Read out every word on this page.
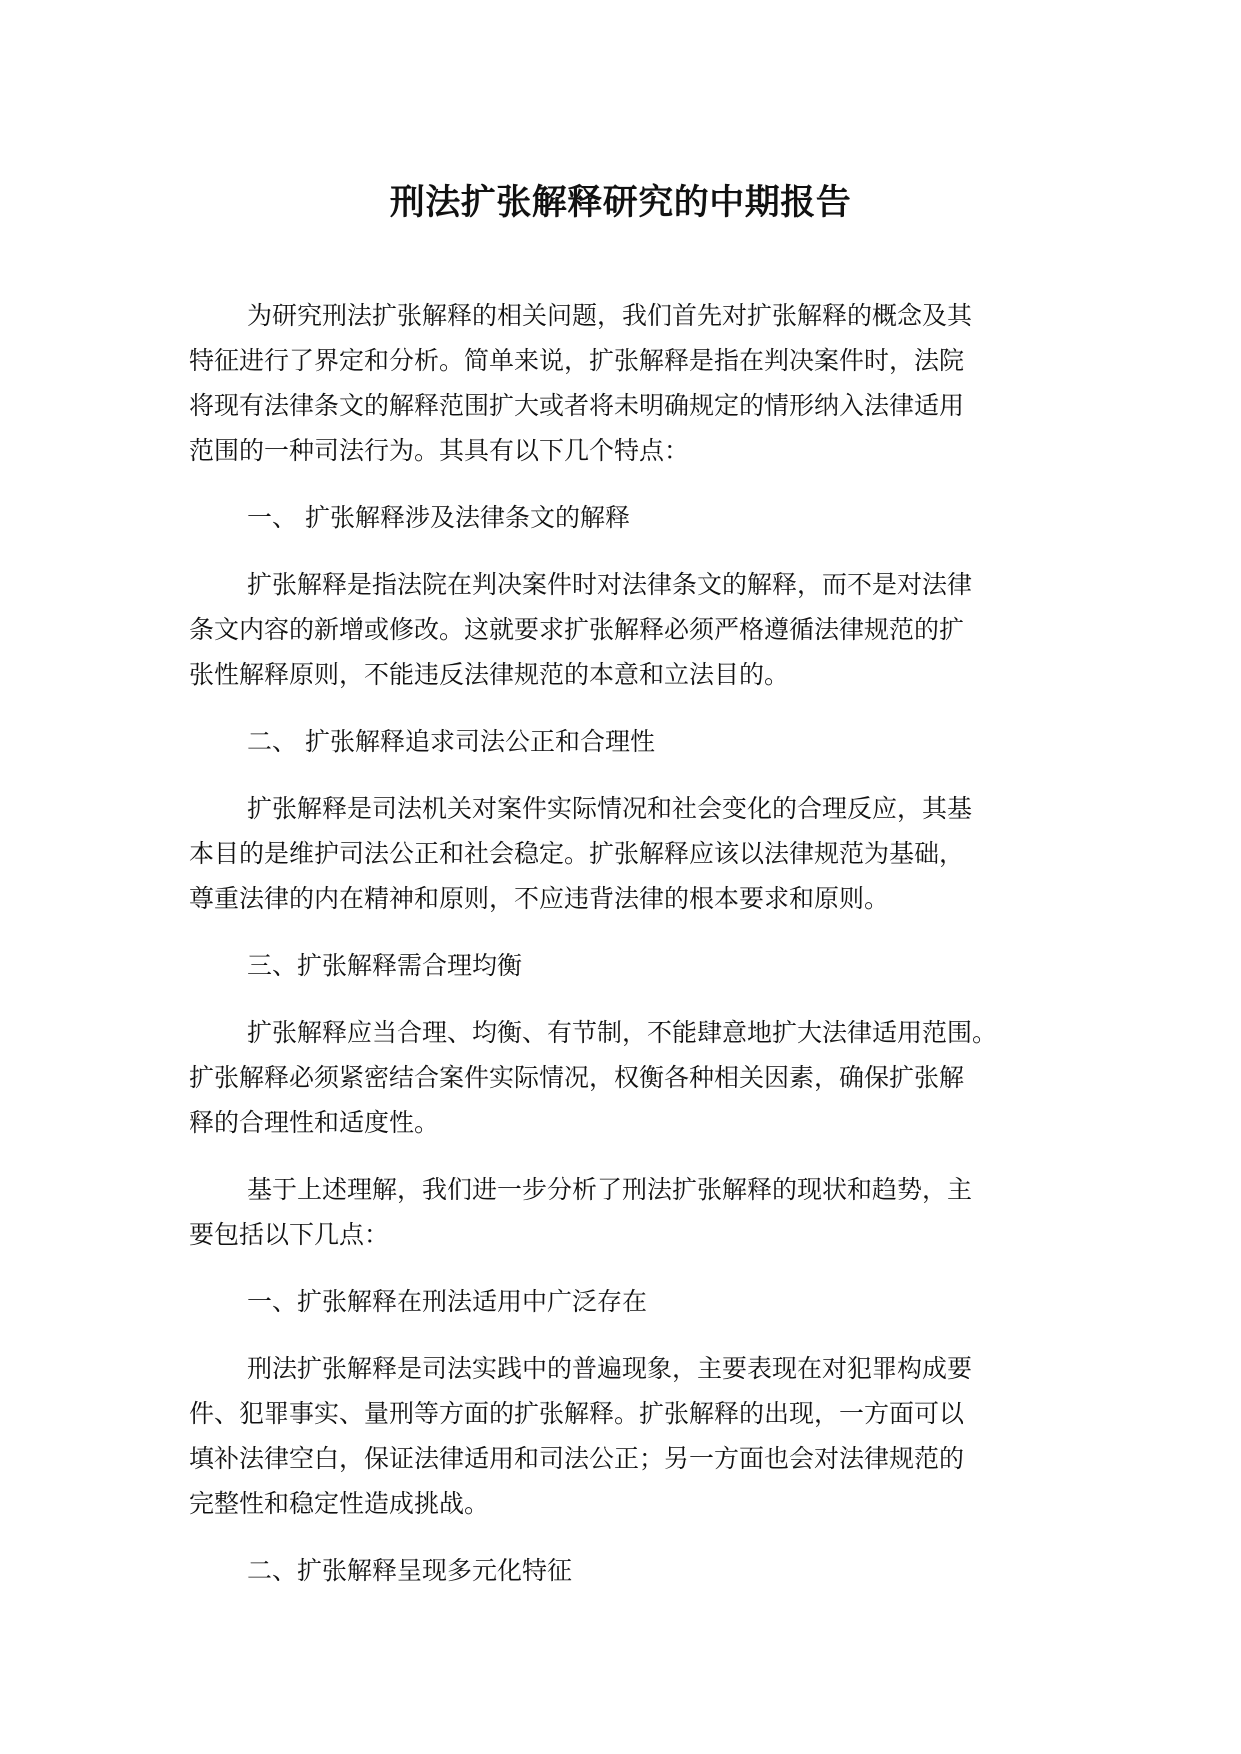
刑法扩张解释研究的中期报告
为研究刑法扩张解释的相关问题，我们首先对扩张解释的概念及其
特征进行了界定和分析。简单来说，扩张解释是指在判决案件时，法院
将现有法律条文的解释范围扩大或者将未明确规定的情形纳入法律适用
范围的一种司法行为。其具有以下几个特点：
一、 扩张解释涉及法律条文的解释
扩张解释是指法院在判决案件时对法律条文的解释，而不是对法律
条文内容的新增或修改。这就要求扩张解释必须严格遵循法律规范的扩
张性解释原则，不能违反法律规范的本意和立法目的。
二、 扩张解释追求司法公正和合理性
扩张解释是司法机关对案件实际情况和社会变化的合理反应，其基
本目的是维护司法公正和社会稳定。扩张解释应该以法律规范为基础，
尊重法律的内在精神和原则，不应违背法律的根本要求和原则。
三、扩张解释需合理均衡
扩张解释应当合理、均衡、有节制，不能肆意地扩大法律适用范围。
扩张解释必须紧密结合案件实际情况，权衡各种相关因素，确保扩张解
释的合理性和适度性。
基于上述理解，我们进一步分析了刑法扩张解释的现状和趋势，主
要包括以下几点：
一、扩张解释在刑法适用中广泛存在
刑法扩张解释是司法实践中的普遍现象，主要表现在对犯罪构成要
件、犯罪事实、量刑等方面的扩张解释。扩张解释的出现，一方面可以
填补法律空白，保证法律适用和司法公正；另一方面也会对法律规范的
完整性和稳定性造成挑战。
二、扩张解释呈现多元化特征
